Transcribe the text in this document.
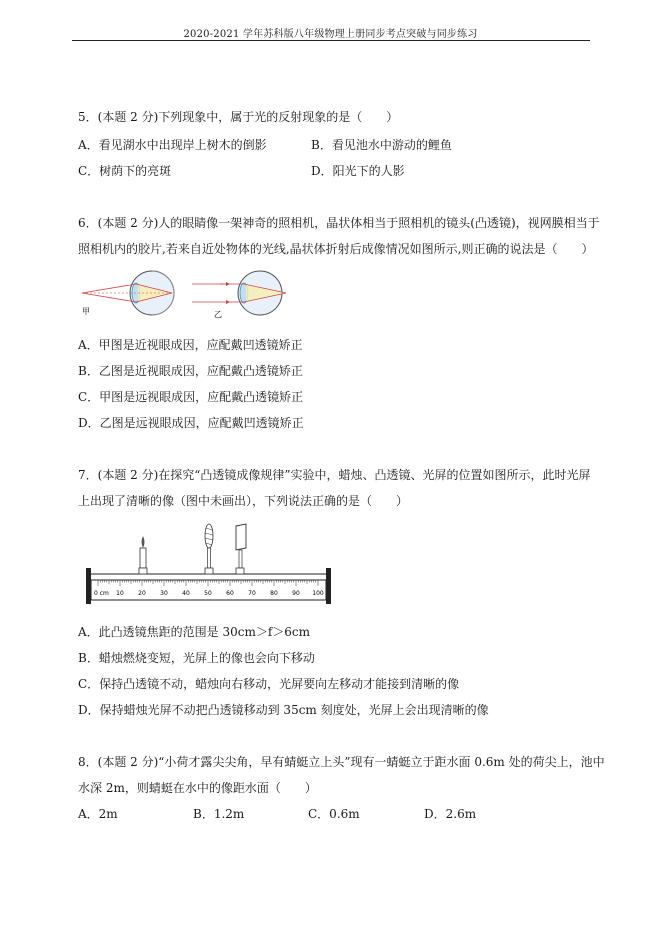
2020-2021 学年苏科版八年级物理上册同步考点突破与同步练习
5．(本题 2 分)下列现象中，属于光的反射现象的是（　　）
A．看见湖水中出现岸上树木的倒影	B．看见池水中游动的鲤鱼
C．树荫下的亮斑	D．阳光下的人影
6．(本题 2 分)人的眼睛像一架神奇的照相机，晶状体相当于照相机的镜头(凸透镜)，视网膜相当于
照相机内的胶片,若来自近处物体的光线,晶状体折射后成像情况如图所示,则正确的说法是（　　）
甲	乙
A．甲图是近视眼成因，应配戴凹透镜矫正
B．乙图是近视眼成因，应配戴凸透镜矫正
C．甲图是远视眼成因，应配戴凸透镜矫正
D．乙图是远视眼成因，应配戴凹透镜矫正
7．(本题 2 分)在探究“凸透镜成像规律”实验中，蜡烛、凸透镜、光屏的位置如图所示，此时光屏
上出现了清晰的像（图中未画出），下列说法正确的是（　　）
0 cm 10 20 30 40 50 60 70 80 90 100
A．此凸透镜焦距的范围是 30cm＞f＞6cm
B．蜡烛燃烧变短，光屏上的像也会向下移动
C．保持凸透镜不动，蜡烛向右移动，光屏要向左移动才能接到清晰的像
D．保持蜡烛光屏不动把凸透镜移动到 35cm 刻度处，光屏上会出现清晰的像
8．(本题 2 分)“小荷才露尖尖角，早有蜻蜓立上头”现有一蜻蜓立于距水面 0.6m 处的荷尖上，池中
水深 2m，则蜻蜓在水中的像距水面（　　）
A．2m	B．1.2m	C．0.6m	D．2.6m
